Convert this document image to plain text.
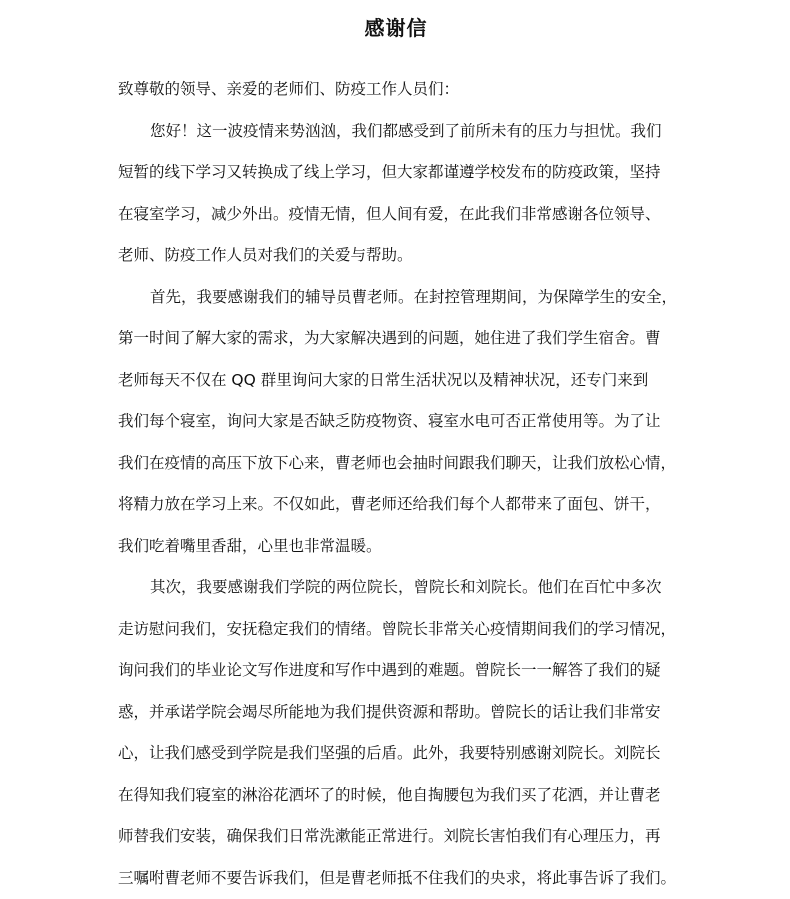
感谢信
致尊敬的领导、亲爱的老师们、防疫工作人员们：
您好！这一波疫情来势汹汹，我们都感受到了前所未有的压力与担忧。我们
短暂的线下学习又转换成了线上学习，但大家都谨遵学校发布的防疫政策，坚持
在寝室学习，减少外出。疫情无情，但人间有爱，在此我们非常感谢各位领导、
老师、防疫工作人员对我们的关爱与帮助。
首先，我要感谢我们的辅导员曹老师。在封控管理期间，为保障学生的安全，
第一时间了解大家的需求，为大家解决遇到的问题，她住进了我们学生宿舍。曹
老师每天不仅在 QQ 群里询问大家的日常生活状况以及精神状况，还专门来到
我们每个寝室，询问大家是否缺乏防疫物资、寝室水电可否正常使用等。为了让
我们在疫情的高压下放下心来，曹老师也会抽时间跟我们聊天，让我们放松心情，
将精力放在学习上来。不仅如此，曹老师还给我们每个人都带来了面包、饼干，
我们吃着嘴里香甜，心里也非常温暖。
其次，我要感谢我们学院的两位院长，曾院长和刘院长。他们在百忙中多次
走访慰问我们，安抚稳定我们的情绪。曾院长非常关心疫情期间我们的学习情况，
询问我们的毕业论文写作进度和写作中遇到的难题。曾院长一一解答了我们的疑
惑，并承诺学院会竭尽所能地为我们提供资源和帮助。曾院长的话让我们非常安
心，让我们感受到学院是我们坚强的后盾。此外，我要特别感谢刘院长。刘院长
在得知我们寝室的淋浴花洒坏了的时候，他自掏腰包为我们买了花洒，并让曹老
师替我们安装，确保我们日常洗漱能正常进行。刘院长害怕我们有心理压力，再
三嘱咐曹老师不要告诉我们，但是曹老师抵不住我们的央求，将此事告诉了我们。
